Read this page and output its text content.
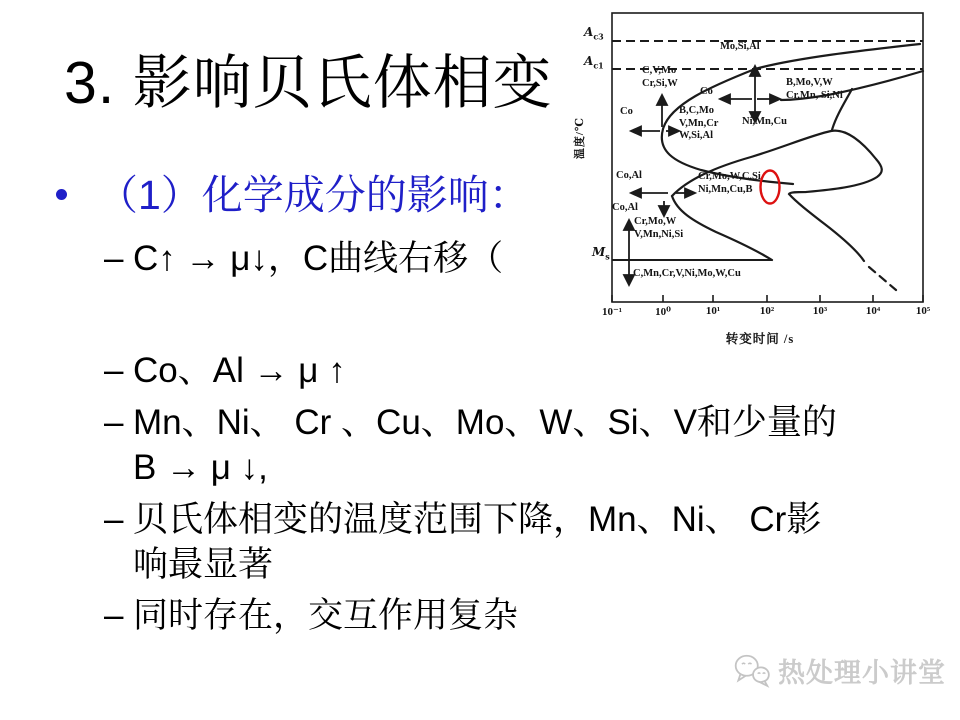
3. 影响贝氏体相变
（1）化学成分的影响：
– C↑ → μ↓，C曲线右移（
– Co、Al → μ ↑
– Mn、Ni、 Cr 、Cu、Mo、W、Si、V和少量的
B → μ ↓,
– 贝氏体相变的温度范围下降，Mn、Ni、 Cr影
响最显著
– 同时存在，交互作用复杂
$A_{c3}$
$A_{c1}$
$M_s$
温度/℃
Mo,Si,Al
C,V,Mo
Cr,Si,W
Co
B,Mo,V,W
Cr,Mn, Si,Ni
Co	B,C,Mo
V,Mn,Cr
W,Si,Al
Ni,Mn,Cu
Co,Al	Cr,Mo,W,C,Si
Ni,Mn,Cu,B
Co,Al
Cr,Mo,W
V,Mn,Ni,Si
C,Mn,Cr,V,Ni,Mo,W,Cu
10⁻¹	10⁰	10¹	10²	10³	10⁴	10⁵
转变时间 /s
热处理小讲堂
